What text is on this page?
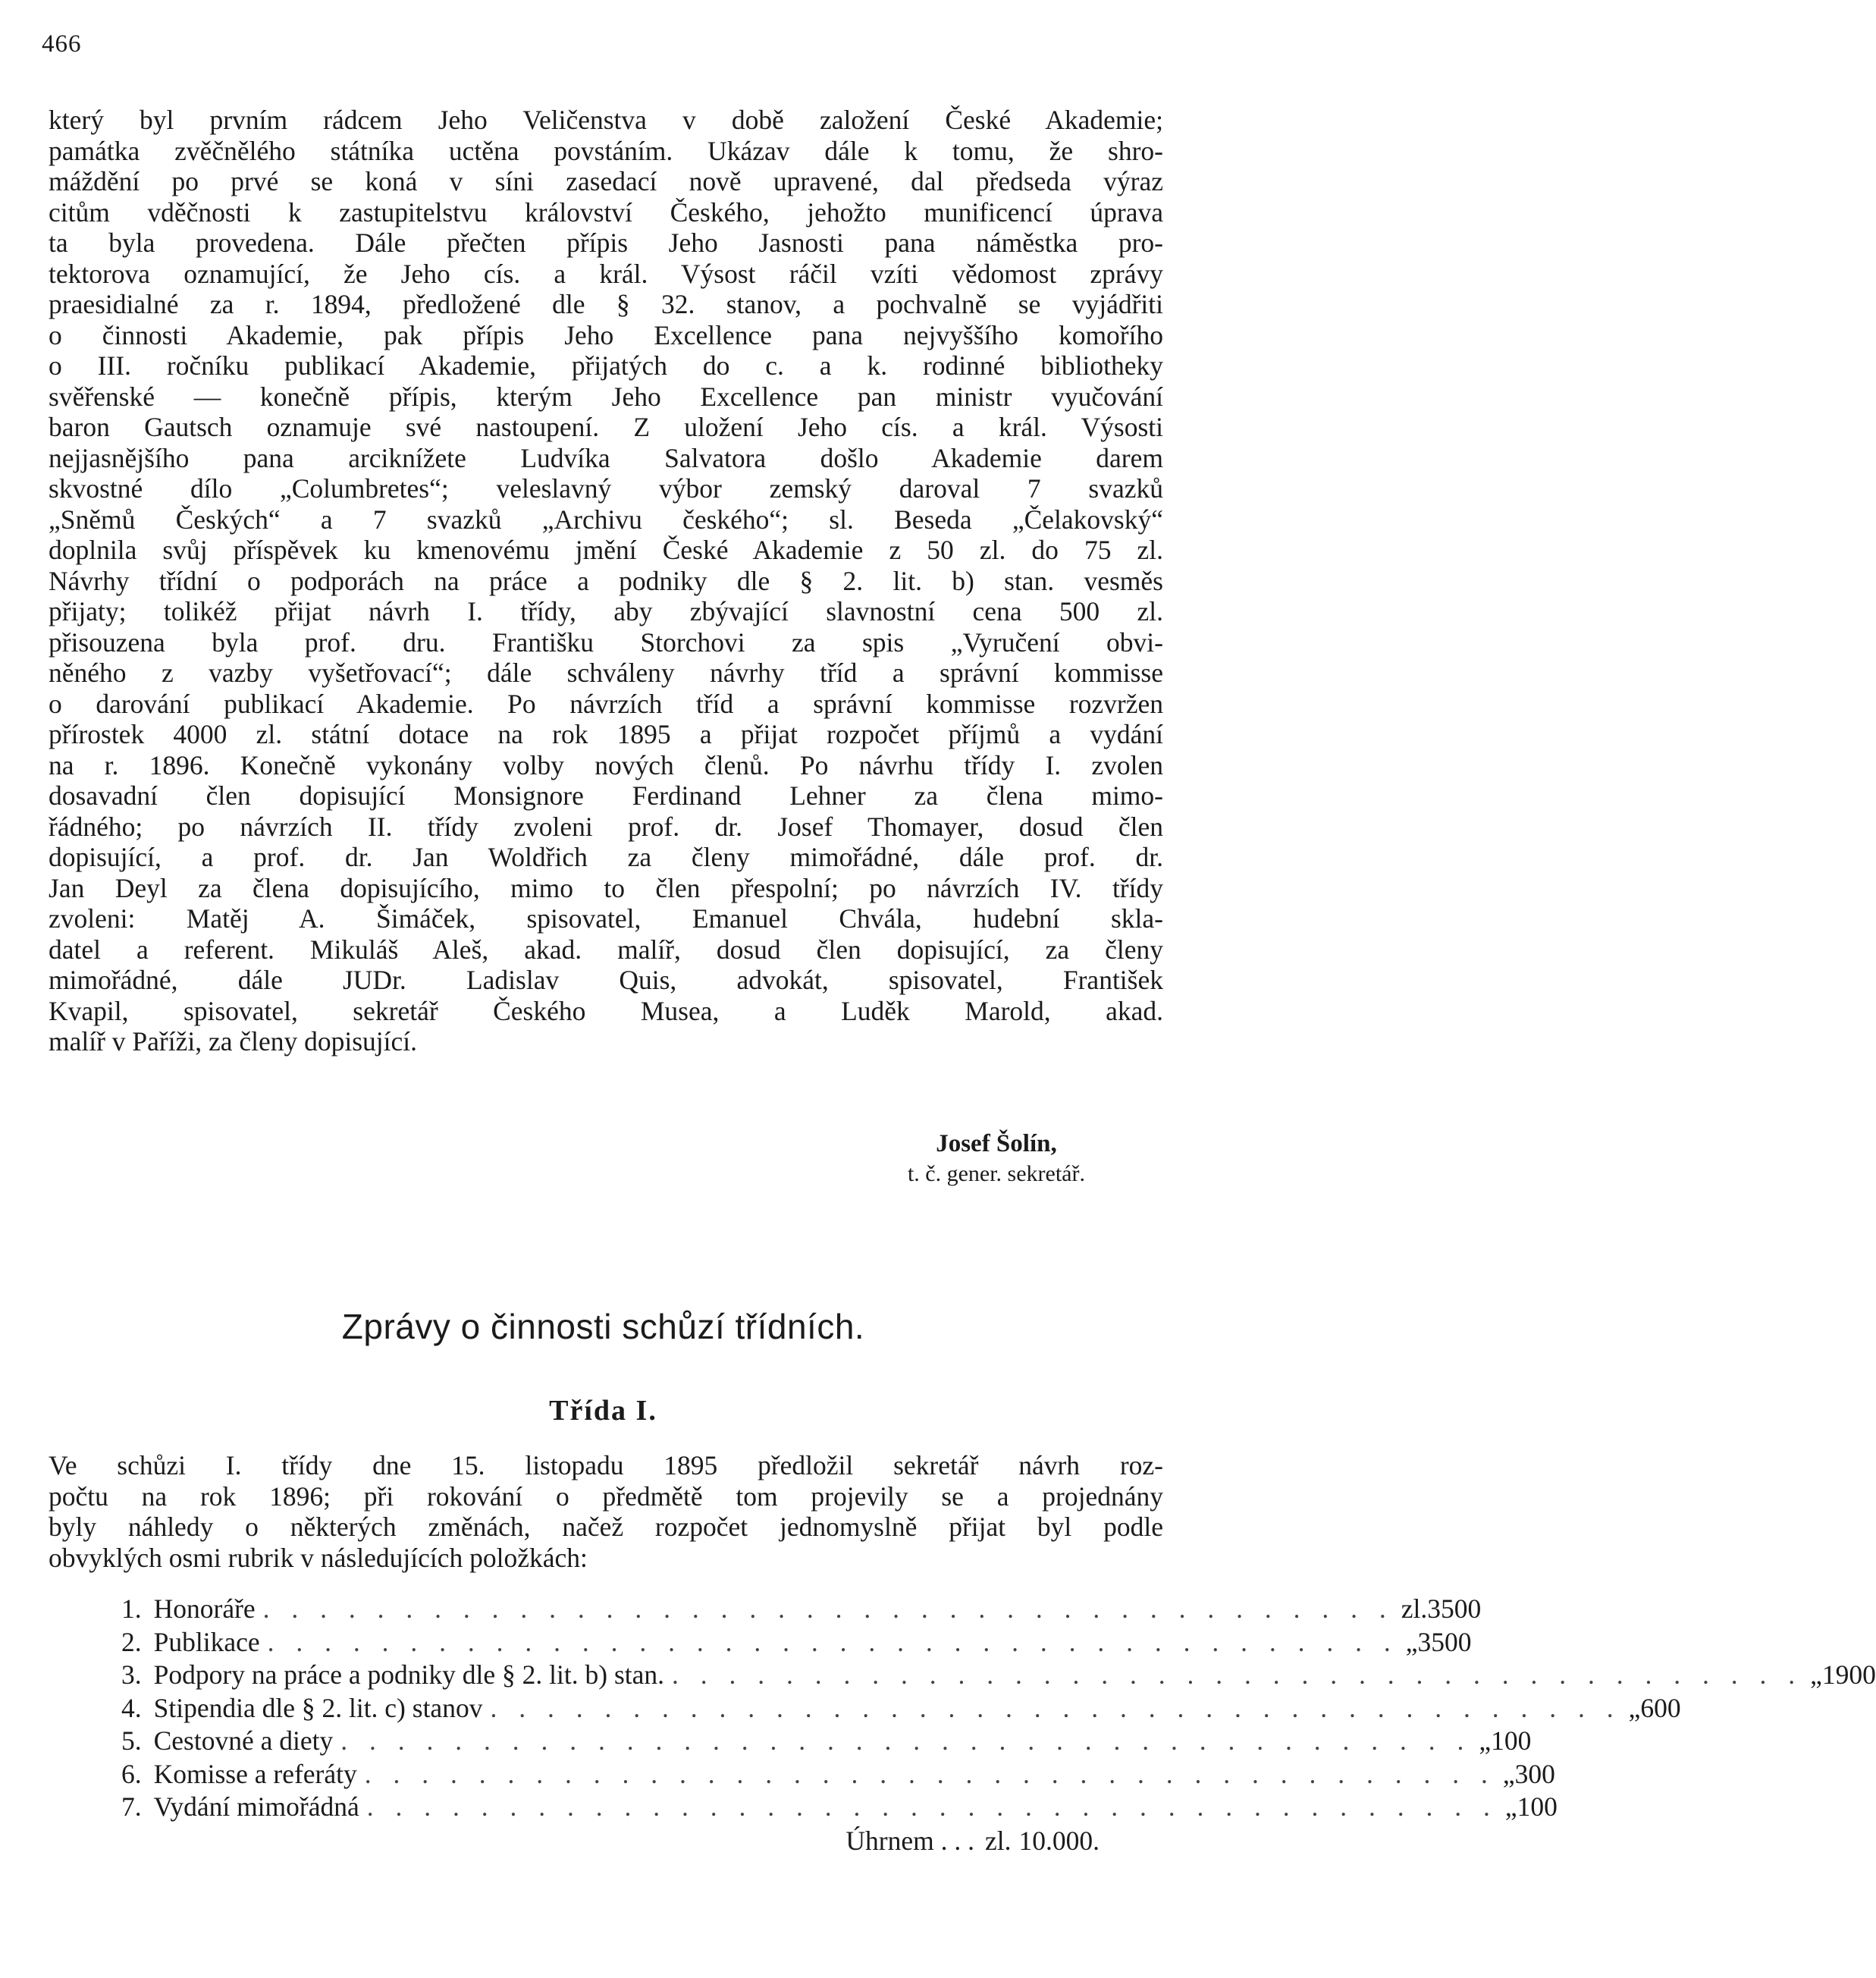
466
který byl prvním rádcem Jeho Veličenstva v době založení České Akademie;
památka zvěčnělého státníka uctěna povstáním. Ukázav dále k tomu, že shro-
máždění po prvé se koná v síni zasedací nově upravené, dal předseda výraz
citům vděčnosti k zastupitelstvu království Českého, jehožto munificencí úprava
ta byla provedena. Dále přečten přípis Jeho Jasnosti pana náměstka pro-
tektorova oznamující, že Jeho cís. a král. Výsost ráčil vzíti vědomost zprávy
praesidialné za r. 1894, předložené dle § 32. stanov, a pochvalně se vyjádřiti
o činnosti Akademie, pak přípis Jeho Excellence pana nejvyššího komořího
o III. ročníku publikací Akademie, přijatých do c. a k. rodinné bibliotheky
svěřenské — konečně přípis, kterým Jeho Excellence pan ministr vyučování
baron Gautsch oznamuje své nastoupení. Z uložení Jeho cís. a král. Výsosti
nejjasnějšího pana arciknížete Ludvíka Salvatora došlo Akademie darem
skvostné dílo „Columbretes“; veleslavný výbor zemský daroval 7 svazků
„Sněmů Českých“ a 7 svazků „Archivu českého“; sl. Beseda „Čelakovský“
doplnila svůj příspěvek ku kmenovému jmění České Akademie z 50 zl. do 75 zl.
Návrhy třídní o podporách na práce a podniky dle § 2. lit. b) stan. vesměs
přijaty; tolikéž přijat návrh I. třídy, aby zbývající slavnostní cena 500 zl.
přisouzena byla prof. dru. Františku Storchovi za spis „Vyručení obvi-
něného z vazby vyšetřovací“; dále schváleny návrhy tříd a správní kommisse
o darování publikací Akademie. Po návrzích tříd a správní kommisse rozvržen
přírostek 4000 zl. státní dotace na rok 1895 a přijat rozpočet příjmů a vydání
na r. 1896. Konečně vykonány volby nových členů. Po návrhu třídy I. zvolen
dosavadní člen dopisující Monsignore Ferdinand Lehner za člena mimo-
řádného; po návrzích II. třídy zvoleni prof. dr. Josef Thomayer, dosud člen
dopisující, a prof. dr. Jan Woldřich za členy mimořádné, dále prof. dr.
Jan Deyl za člena dopisujícího, mimo to člen přespolní; po návrzích IV. třídy
zvoleni: Matěj A. Šimáček, spisovatel, Emanuel Chvála, hudební skla-
datel a referent. Mikuláš Aleš, akad. malíř, dosud člen dopisující, za členy
mimořádné, dále JUDr. Ladislav Quis, advokát, spisovatel, František
Kvapil, spisovatel, sekretář Českého Musea, a Luděk Marold, akad.
malíř v Paříži, za členy dopisující.
Josef Šolín,
t. č. gener. sekretář.
Zprávy o činnosti schůzí třídních.
Třída I.
Ve schůzi I. třídy dne 15. listopadu 1895 předložil sekretář návrh roz-
počtu na rok 1896; při rokování o předmětě tom projevily se a projednány
byly náhledy o některých změnách, načež rozpočet jednomyslně přijat byl podle
obvyklých osmi rubrik v následujících položkách:
1. Honoráře . . . . . . . . . . . . . . . . . . . . . . . . . . . . . . . . . . . . . . . . zl. 3500
2. Publikace . . . . . . . . . . . . . . . . . . . . . . . . . . . . . . . . . . . . . . . . „ 3500
3. Podpory na práce a podniky dle § 2. lit. b) stan. . . . . . . . . . . . . . . . . . . . . . . . . . . . . . . . . . . . . . . . . „ 1900
4. Stipendia dle § 2. lit. c) stanov . . . . . . . . . . . . . . . . . . . . . . . . . . . . . . . . . . . . . . . . „ 600
5. Cestovné a diety . . . . . . . . . . . . . . . . . . . . . . . . . . . . . . . . . . . . . . . . „ 100
6. Komisse a referáty . . . . . . . . . . . . . . . . . . . . . . . . . . . . . . . . . . . . . . . . „ 300
7. Vydání mimořádná . . . . . . . . . . . . . . . . . . . . . . . . . . . . . . . . . . . . . . . . „ 100
Úhrnem . . . zl. 10.000.
